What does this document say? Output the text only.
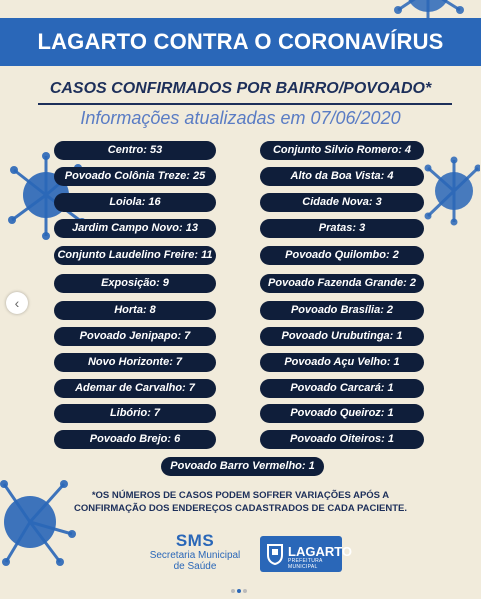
LAGARTO CONTRA O CORONAVÍRUS
CASOS CONFIRMADOS POR BAIRRO/POVOADO*
Informações atualizadas em 07/06/2020
Centro: 53
Povoado Colônia Treze: 25
Loiola: 16
Jardim Campo Novo: 13
Conjunto Laudelino Freire: 11
Exposição: 9
Horta: 8
Povoado Jenipapo: 7
Novo Horizonte: 7
Ademar de Carvalho: 7
Libório: 7
Povoado Brejo: 6
Conjunto Silvio Romero: 4
Alto da Boa Vista: 4
Cidade Nova: 3
Pratas: 3
Povoado Quilombo: 2
Povoado Fazenda Grande: 2
Povoado Brasília: 2
Povoado Urubutinga: 1
Povoado Açu Velho: 1
Povoado Carcará: 1
Povoado Queiroz: 1
Povoado Oiteiros: 1
Povoado Barro Vermelho: 1
*OS NÚMEROS DE CASOS PODEM SOFRER VARIAÇÕES APÓS A
CONFIRMAÇÃO DOS ENDEREÇOS CADASTRADOS DE CADA PACIENTE.
SMS
Secretaria Municipal
de Saúde
LAGARTO
PREFEITURA MUNICIPAL
‹
